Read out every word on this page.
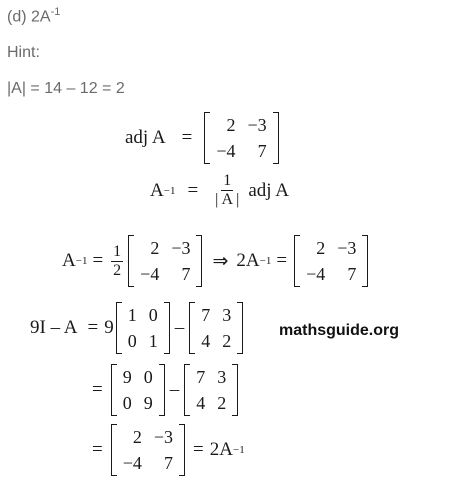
(d) $2A^{-1}$
Hint:
|A| = 14 – 12 = 2
adj A =
2	−3
−4	7
$A -1 = \frac{1}{| A |}$ adj A
$A -1 = \frac{1}{2} 2$	−3
−4	7
⇒ 2A −1 =
2	−3
−4	7
9I – A = 9
1	0
0	1
–
7	3
4	2
mathsguide.org
=
9	0
0	9
–
7	3
4	2
=
2	−3
−4	7
= 2A −1
